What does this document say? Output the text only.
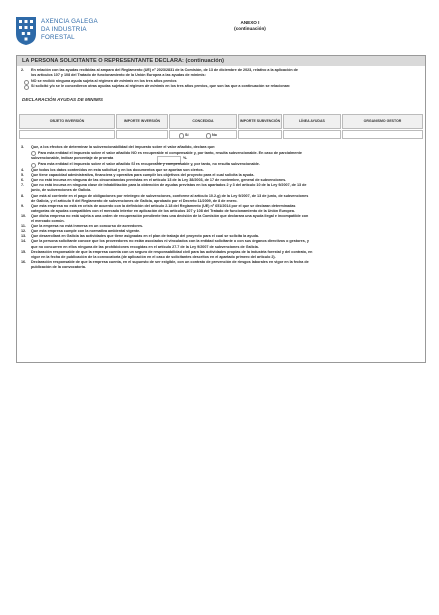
AXENCIA GALEGA
DA INDUSTRIA
FORESTAL
ANEXO I
(continuación)
LA PERSONA SOLICITANTE O REPRESENTANTE DECLARA: (continuación)
2. En relación con las ayudas recibidas al amparo del Reglamento (UE) nº 2023/2831 de la Comisión, de 13 de diciembre de 2023, relativo a la aplicación de
los artículos 107 y 108 del Tratado de funcionamiento de la Unión Europea a las ayudas de minimis:
NO se recibió ninguna ayuda sujeta al régimen de minimis en los tres años previos
Sí solicitó y/o se le concedieron otras ayudas sujetas al régimen de minimis en los tres años previos, que son las que a continuación se relacionan:
DECLARACIÓN AYUDAS DE MINIMIS
OBJETO INVERSIÓN	IMPORTE INVERSIÓN	CONCEDIDA	IMPORTE SUBVENCIÓN	LÍNEA AYUDAS	ORGANISMO GESTOR
Sí	No
3. Que, a los efectos de determinar la subvencionabilidad del impuesto sobre el valor añadido, declara que:
Para esta entidad el impuesto sobre el valor añadido NO es recuperable ni compensable y, por tanto, resulta subvencionable. En caso de parcialmente
subvencionable, indicar porcentaje de prorrata	%.
Para esta entidad el impuesto sobre el valor añadido SÍ es recuperable y compensable y, por tanto, no resulta subvencionable.
4. Que todos los datos contenidos en esta solicitud y en los documentos que se aportan son ciertos.
5. Que tiene capacidad administrativa, financiera y operativa para cumplir los objetivos del proyecto para el cual solicita la ayuda.
6. Que no está incursa en ninguna de las circunstancias previstas en el artículo 13 de la Ley 38/2003, de 17 de noviembre, general de subvenciones.
7. Que no está incursa en ninguna clase de inhabilitación para la obtención de ayudas previstas en los apartados 2 y 3 del artículo 10 de la Ley 9/2007, de 13 de
junio, de subvenciones de Galicia.
8. Que está al corriente en el pago de obligaciones por reintegro de subvenciones, conforme al artículo 10.2.g) de la Ley 9/2007, de 13 de junio, de subvenciones
de Galicia, y el artículo 9 del Reglamento de subvenciones de Galicia, aprobado por el Decreto 11/2009, de 8 de enero.
9. Que esta empresa no está en crisis de acuerdo con la definición del artículo 2.18 del Reglamento (UE) nº 651/2014 por el que se declaran determinadas
categorías de ayudas compatibles con el mercado interior en aplicación de los artículos 107 y 108 del Tratado de funcionamiento de la Unión Europea.
10. Que dicha empresa no está sujeta a una orden de recuperación pendiente tras una decisión de la Comisión que declarara una ayuda ilegal e incompatible con
el mercado común.
11. Que la empresa no está inmersa en un concurso de acreedores.
12. Que esta empresa cumple con la normativa ambiental vigente.
13. Que desarrollará en Galicia las actividades que tiene asignadas en el plan de trabajo del proyecto para el cual se solicita la ayuda.
14. Que la persona solicitante conoce que los proveedores no están asociados ni vinculados con la entidad solicitante o con sus órganos directivos o gestores, y
que no concurren en ellos ninguna de las prohibiciones recogidas en el artículo 27.7 de la Ley 9/2007 de subvenciones de Galicia.
15. Declaración responsable de que la empresa cuenta con un seguro de responsabilidad civil para las actividades propias de la industria forestal y del contrato, en
vigor en la fecha de publicación de la convocatoria (de aplicación en el caso de solicitantes descritos en el apartado primero del artículo 2).
16. Declaración responsable de que la empresa cuenta, en el supuesto de ser exigible, con un contrato de prevención de riesgos laborales en vigor en la fecha de
publicación de la convocatoria.
